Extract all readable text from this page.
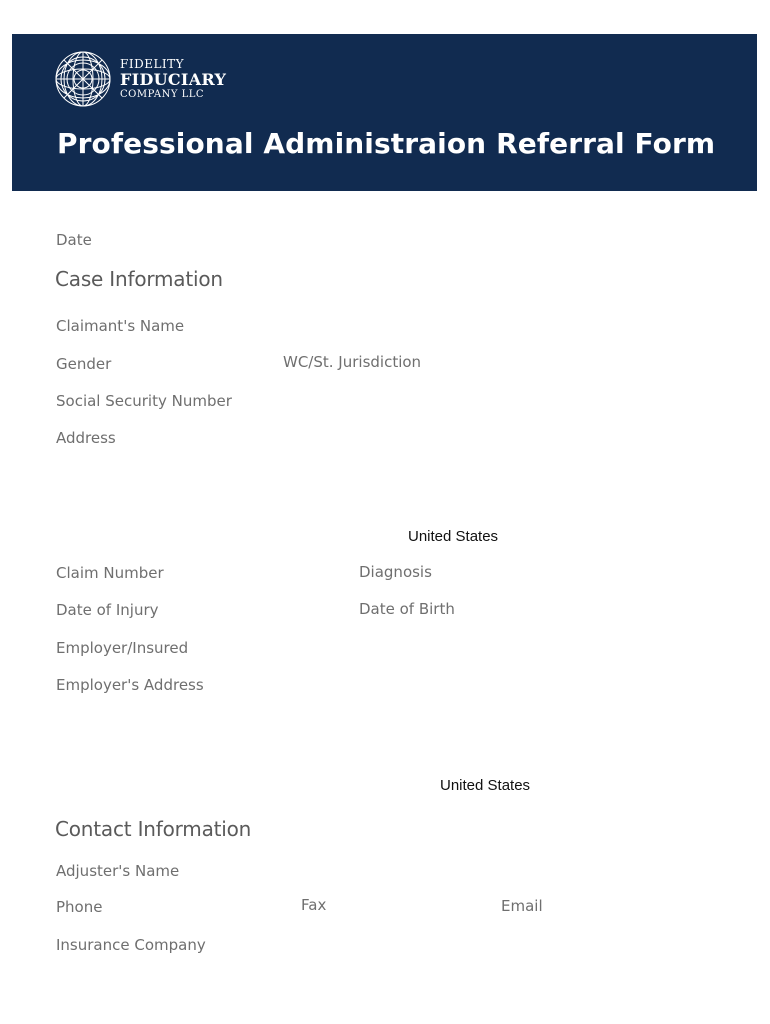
FIDELITY
FIDUCIARY
COMPANY LLC
Professional Administraion Referral Form
Date
Case Information
Claimant's Name
Gender	WC/St. Jurisdiction
Social Security Number
Address
United States
Claim Number	Diagnosis
Date of Injury	Date of Birth
Employer/Insured
Employer's Address
United States
Contact Information
Adjuster's Name
Phone	Fax	Email
Insurance Company
